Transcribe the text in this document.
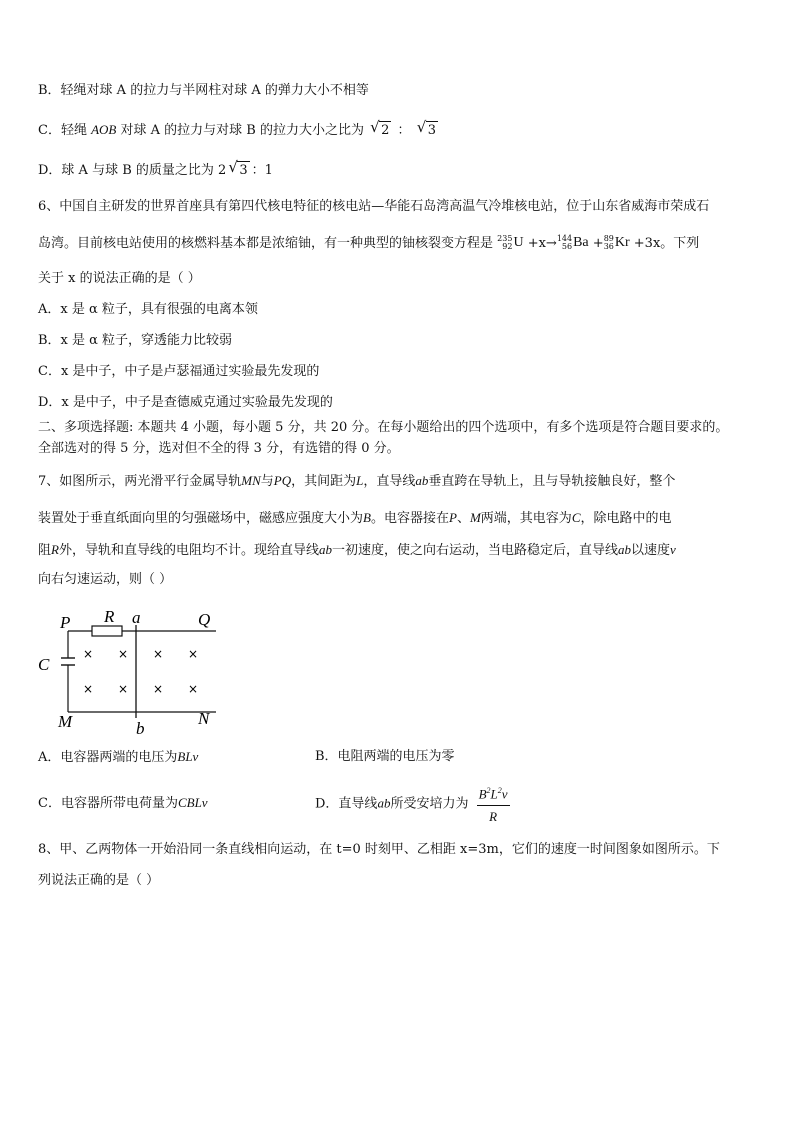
B．轻绳对球 A 的拉力与半网柱对球 A 的弹力大小不相等
C．轻绳 AOB 对球 A 的拉力与对球 B 的拉力大小之比为 √ 2 ： √ 3
D．球 A 与球 B 的质量之比为 2 √ 3 ：1
6、中国自主研发的世界首座具有第四代核电特征的核电站—华能石岛湾高温气冷堆核电站，位于山东省威海市荣成石
岛湾。目前核电站使用的核燃料基本都是浓缩铀，有一种典型的铀核裂变方程是 235
92 U +x→ 144
56 Ba + 89
36 Kr +3x。下列
关于 x 的说法正确的是（ ）
A．x 是 α 粒子，具有很强的电离本领
B．x 是 α 粒子，穿透能力比较弱
C．x 是中子，中子是卢瑟福通过实验最先发现的
D．x 是中子，中子是查德威克通过实验最先发现的
二、多项选择题: 本题共 4 小题，每小题 5 分，共 20 分。在每小题给出的四个选项中，有多个选项是符合题目要求的。
全部选对的得 5 分，选对但不全的得 3 分，有选错的得 0 分。
7、如图所示，两光滑平行金属导轨MN与PQ，其间距为L，直导线ab垂直跨在导轨上，且与导轨接触良好，整个
装置处于垂直纸面向里的匀强磁场中，磁感应强度大小为B。电容器接在P、M两端，其电容为C，除电路中的电
阻R外，导轨和直导线的电阻均不计。现给直导线ab一初速度，使之向右运动，当电路稳定后，直导线ab以速度v
向右匀速运动，则（ ）
P R a	Q
C
M	b
N
× × × ×
× × × ×
A．电容器两端的电压为BLv	B．电阻两端的电压为零
C．电容器所带电荷量为CBLv	D．直导线ab所受安培力为 $\frac{B^2L^2v}{R}$
8、甲、乙两物体一开始沿同一条直线相向运动，在 t=0 时刻甲、乙相距 x=3m，它们的速度一时间图象如图所示。下
列说法正确的是（ ）
